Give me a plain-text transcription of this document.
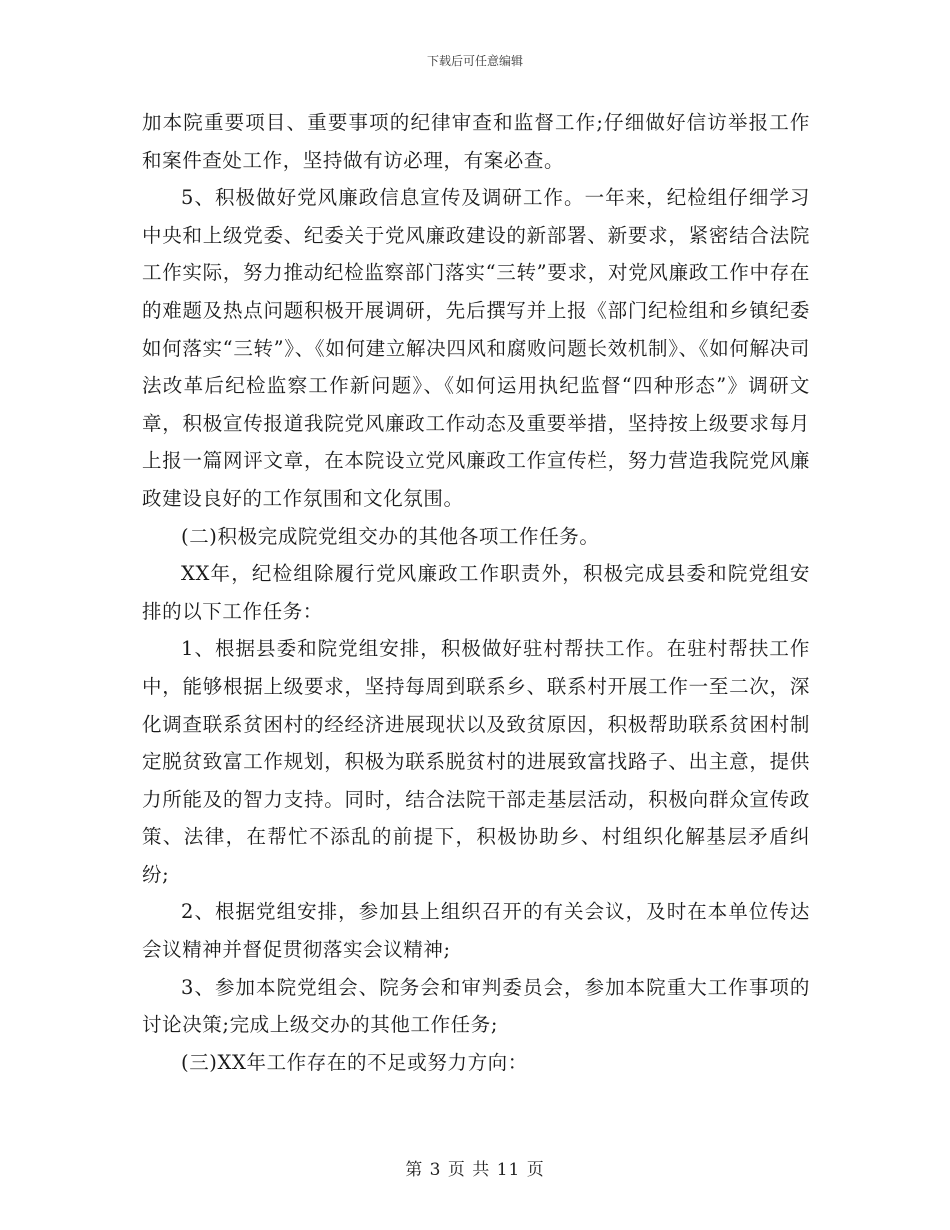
下载后可任意编辑

加本院重要项目、重要事项的纪律审查和监督工作;仔细做好信访举报工作和案件查处工作，坚持做有访必理，有案必查。

5、积极做好党风廉政信息宣传及调研工作。一年来，纪检组仔细学习中央和上级党委、纪委关于党风廉政建设的新部署、新要求，紧密结合法院工作实际，努力推动纪检监察部门落实“三转”要求，对党风廉政工作中存在的难题及热点问题积极开展调研，先后撰写并上报《部门纪检组和乡镇纪委如何落实“三转”》、《如何建立解决四风和腐败问题长效机制》、《如何解决司法改革后纪检监察工作新问题》、《如何运用执纪监督“四种形态”》调研文章，积极宣传报道我院党风廉政工作动态及重要举措，坚持按上级要求每月上报一篇网评文章，在本院设立党风廉政工作宣传栏，努力营造我院党风廉政建设良好的工作氛围和文化氛围。

(二)积极完成院党组交办的其他各项工作任务。

XX年，纪检组除履行党风廉政工作职责外，积极完成县委和院党组安排的以下工作任务：

1、根据县委和院党组安排，积极做好驻村帮扶工作。在驻村帮扶工作中，能够根据上级要求，坚持每周到联系乡、联系村开展工作一至二次，深化调查联系贫困村的经经济进展现状以及致贫原因，积极帮助联系贫困村制定脱贫致富工作规划，积极为联系脱贫村的进展致富找路子、出主意，提供力所能及的智力支持。同时，结合法院干部走基层活动，积极向群众宣传政策、法律，在帮忙不添乱的前提下，积极协助乡、村组织化解基层矛盾纠纷;

2、根据党组安排，参加县上组织召开的有关会议，及时在本单位传达会议精神并督促贯彻落实会议精神;

3、参加本院党组会、院务会和审判委员会，参加本院重大工作事项的讨论决策;完成上级交办的其他工作任务;

(三)XX年工作存在的不足或努力方向：

第 3 页 共 11 页
